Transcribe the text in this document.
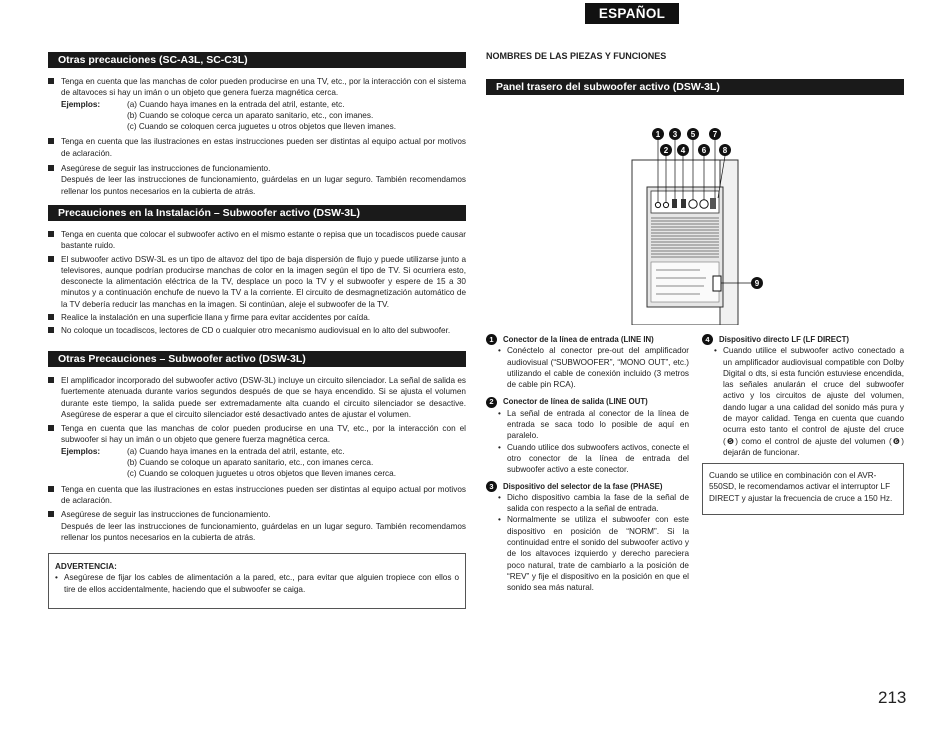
ESPAÑOL
Otras precauciones (SC-A3L, SC-C3L)
Tenga en cuenta que las manchas de color pueden producirse en una TV, etc., por la interacción con el sistema de altavoces si hay un imán o un objeto que genera fuerza magnética cerca.
Ejemplos:	(a) Cuando haya imanes en la entrada del atril, estante, etc.
(b) Cuando se coloque cerca un aparato sanitario, etc., con imanes.
(c) Cuando se coloquen cerca juguetes u otros objetos que lleven imanes.
Tenga en cuenta que las ilustraciones en estas instrucciones pueden ser distintas al equipo actual por motivos de aclaración.
Asegúrese de seguir las instrucciones de funcionamiento.
Después de leer las instrucciones de funcionamiento, guárdelas en un lugar seguro. También recomendamos rellenar los puntos necesarios en la cubierta de atrás.
Precauciones en la Instalación – Subwoofer activo (DSW-3L)
Tenga en cuenta que colocar el subwoofer activo en el mismo estante o repisa que un tocadiscos puede causar bastante ruido.
El subwoofer activo DSW-3L es un tipo de altavoz del tipo de baja dispersión de flujo y puede utilizarse junto a televisores, aunque podrían producirse manchas de color en la imagen según el tipo de TV. Si ocurriera esto, desconecte la alimentación eléctrica de la TV, desplace un poco la TV y el subwoofer y espere de 15 a 30 minutos y a continuación enchufe de nuevo la TV a la corriente. El circuito de desmagnetización automático de la TV debería reducir las manchas en la imagen. Si continúan, aleje el subwoofer de la TV.
Realice la instalación en una superficie llana y firme para evitar accidentes por caída.
No coloque un tocadiscos, lectores de CD o cualquier otro mecanismo audiovisual en lo alto del subwoofer.
Otras Precauciones – Subwoofer activo (DSW-3L)
El amplificador incorporado del subwoofer activo (DSW-3L) incluye un circuito silenciador. La señal de salida es fuertemente atenuada durante varios segundos después de que se haya encendido. Si se ajusta el volumen durante este tiempo, la salida puede ser extremadamente alta cuando el circuito silenciador se desactive. Asegúrese de esperar a que el circuito silenciador esté desactivado antes de ajustar el volumen.
Tenga en cuenta que las manchas de color pueden producirse en una TV, etc., por la interacción con el subwoofer si hay un imán o un objeto que genere fuerza magnética cerca.
Ejemplos:	(a) Cuando haya imanes en la entrada del atril, estante, etc.
(b) Cuando se coloque un aparato sanitario, etc., con imanes cerca.
(c) Cuando se coloquen juguetes u otros objetos que lleven imanes cerca.
Tenga en cuenta que las ilustraciones en estas instrucciones pueden ser distintas al equipo actual por motivos de aclaración.
Asegúrese de seguir las instrucciones de funcionamiento.
Después de leer las instrucciones de funcionamiento, guárdelas en un lugar seguro. También recomendamos rellenar los puntos necesarios en la cubierta de atrás.
ADVERTENCIA:
• Asegúrese de fijar los cables de alimentación a la pared, etc., para evitar que alguien tropiece con ellos o tire de ellos accidentalmente, haciendo que el subwoofer se caiga.
NOMBRES DE LAS PIEZAS Y FUNCIONES
Panel trasero del subwoofer activo (DSW-3L)
1	3	5	7
2	4	6	8
9
1	Conector de la línea de entrada (LINE IN)
• Conéctelo al conector pre-out del amplificador audiovisual (“SUBWOOFER”, “MONO OUT”, etc.) utilizando el cable de conexión incluido (3 metros de cable pin RCA).
2	Conector de línea de salida (LINE OUT)
• La señal de entrada al conector de la línea de entrada se saca todo lo posible de aquí en paralelo.
• Cuando utilice dos subwoofers activos, conecte el otro conector de la línea de entrada del subwoofer activo a este conector.
3	Dispositivo del selector de la fase (PHASE)
• Dicho dispositivo cambia la fase de la señal de salida con respecto a la señal de entrada.
• Normalmente se utiliza el subwoofer con este dispositivo en posición de “NORM”. Si la continuidad entre el sonido del subwoofer activo y de los altavoces izquierdo y derecho pareciera poco natural, trate de cambiarlo a la posición de “REV” y fije el dispositivo en la posición en que el sonido sea más natural.
4	Dispositivo directo LF (LF DIRECT)
• Cuando utilice el subwoofer activo conectado a un amplificador audiovisual compatible con Dolby Digital o dts, si esta función estuviese encendida, las señales anularán el cruce del subwoofer activo y los circuitos de ajuste del volumen, dando lugar a una calidad del sonido más pura y de mayor calidad. Tenga en cuenta que cuando ocurra esto tanto el control de ajuste del cruce (❺) como el control de ajuste del volumen (❻) dejarán de funcionar.
Cuando se utilice en combinación con el AVR-550SD, le recomendamos activar el interruptor LF DIRECT y ajustar la frecuencia de cruce a 150 Hz.
213
